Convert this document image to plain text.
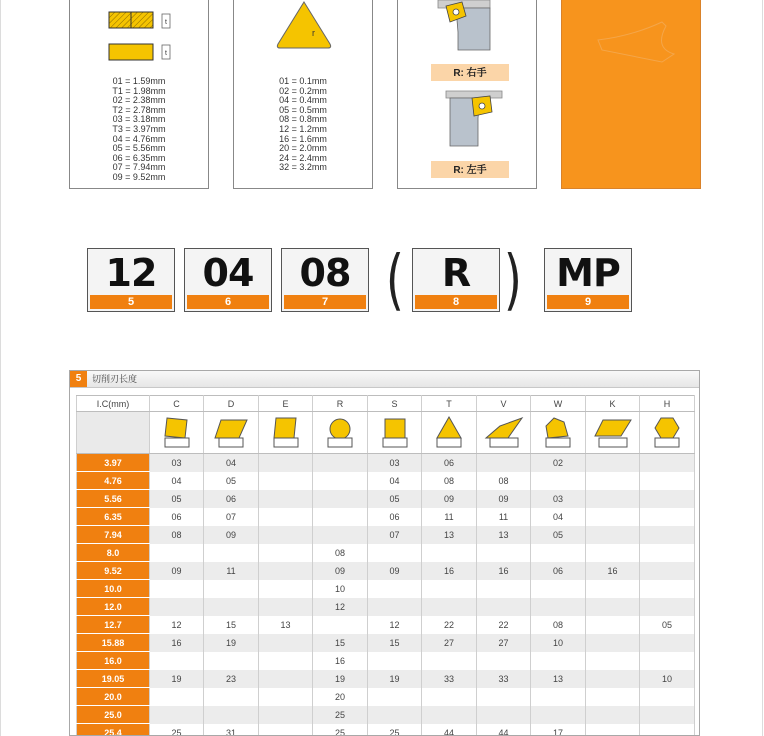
t
t
01 = 1.59mm
T1 = 1.98mm
02 = 2.38mm
T2 = 2.78mm
03 = 3.18mm
T3 = 3.97mm
04 = 4.76mm
05 = 5.56mm
06 = 6.35mm
07 = 7.94mm
09 = 9.52mm
r
01 = 0.1mm
02 = 0.2mm
04 = 0.4mm
05 = 0.5mm
08 = 0.8mm
12 = 1.2mm
16 = 1.6mm
20 = 2.0mm
24 = 2.4mm
32 = 3.2mm
R: 右手
R: 左手
12
5
04
6
08
7 ( R
8 ) MP
9
5	切削刃长度
I.C(mm)	C	D	E	R	S	T	V	W	K	H

3.97	03	04			03	06		02		
4.76	04	05			04	08	08			
5.56	05	06			05	09	09	03		
6.35	06	07			06	11	11	04		
7.94	08	09			07	13	13	05		
8.0				08						
9.52	09	11		09	09	16	16	06	16	
10.0				10						
12.0				12						
12.7	12	15	13		12	22	22	08		05
15.88	16	19		15	15	27	27	10		
16.0				16						
19.05	19	23		19	19	33	33	13		10
20.0				20						
25.0				25						
25.4	25	31		25	25	44	44	17		
